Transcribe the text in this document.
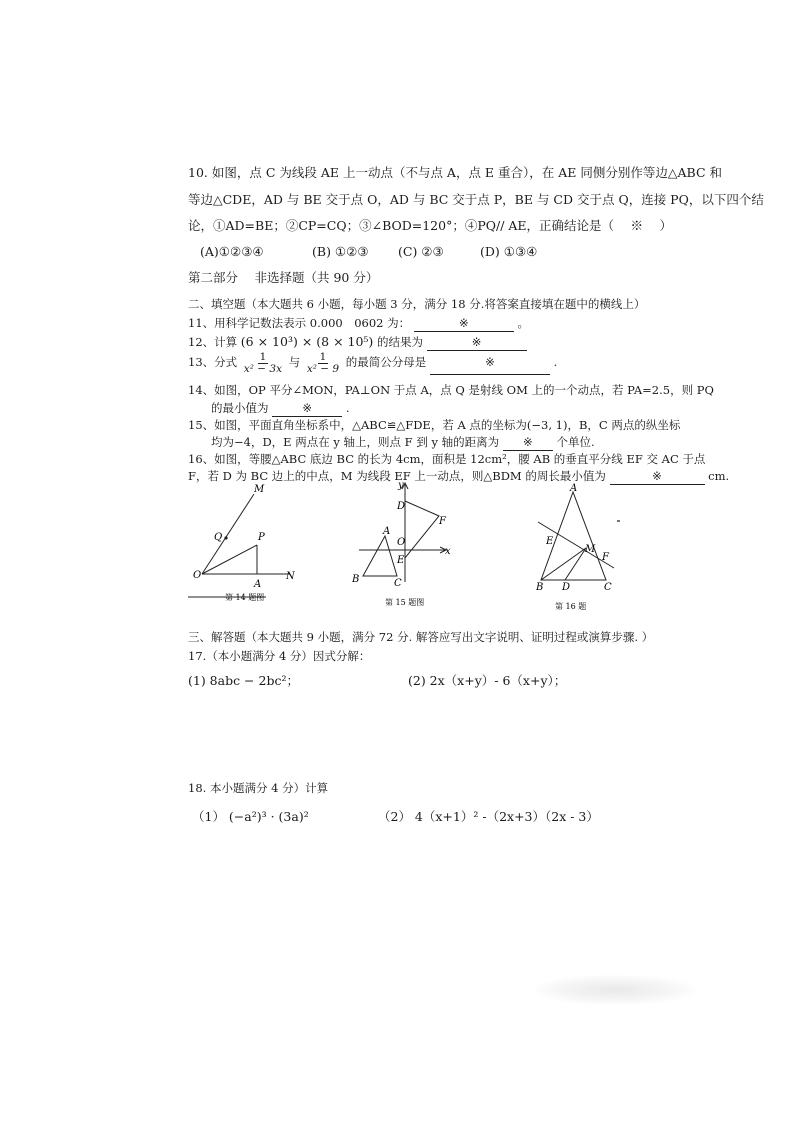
10. 如图，点 C 为线段 AE 上一动点（不与点 A，点 E 重合），在 AE 同侧分别作等边△ABC 和
等边△CDE，AD 与 BE 交于点 O，AD 与 BC 交于点 P，BE 与 CD 交于点 Q，连接 PQ，以下四个结
论，①AD=BE；②CP=CQ；③∠BOD=120°；④PQ// AE，正确结论是（　 ※　 ）
(A)①②③④	(B) ①②③ (C) ②③	(D) ①③④
第二部分　 非选择题（共 90 分）
二、填空题（本大题共 6 小题，每小题 3 分，满分 18 分.将答案直接填在题中的横线上）
11、用科学记数法表示 0.000　0602 为：	※	。
12、计算 (6 × 10³) × (8 × 10⁵) 的结果为	※
13、分式 $\frac{1}{\text{x² − 3x}}$ 与 $\frac{1}{\text{x² − 9}}$ 的最简公分母是	※	.
14、如图，OP 平分∠MON，PA⊥ON 于点 A，点 Q 是射线 OM 上的一个动点，若 PA=2.5，则 PQ
的最小值为	※	.
15、如图，平面直角坐标系中，△ABC≌△FDE，若 A 点的坐标为(−3, 1)，B，C 两点的纵坐标
均为−4，D，E 两点在 y 轴上，则点 F 到 y 轴的距离为 ※ 个单位.
16、如图，等腰△ABC 底边 BC 的长为 4cm，面积是 12cm²，腰 AB 的垂直平分线 EF 交 AC 于点
F，若 D 为 BC 边上的中点，M 为线段 EF 上一动点，则△BDM 的周长最小值为	※	cm.
M
Q	P
O
A
N
第 14 题图
y
D
F
A
O
x
E
B	C
第 15 题图
A
E
M
F
B D	C
第 16 题
三、解答题（本大题共 9 小题，满分 72 分. 解答应写出文字说明、证明过程或演算步骤. ）
17.（本小题满分 4 分）因式分解：
(1) 8abc − 2bc²；	(2) 2x（x+y）- 6（x+y）；
18. 本小题满分 4 分）计算
（1） (−a²)³ · (3a)²	（2） 4（x+1）² -（2x+3）（2x - 3）
